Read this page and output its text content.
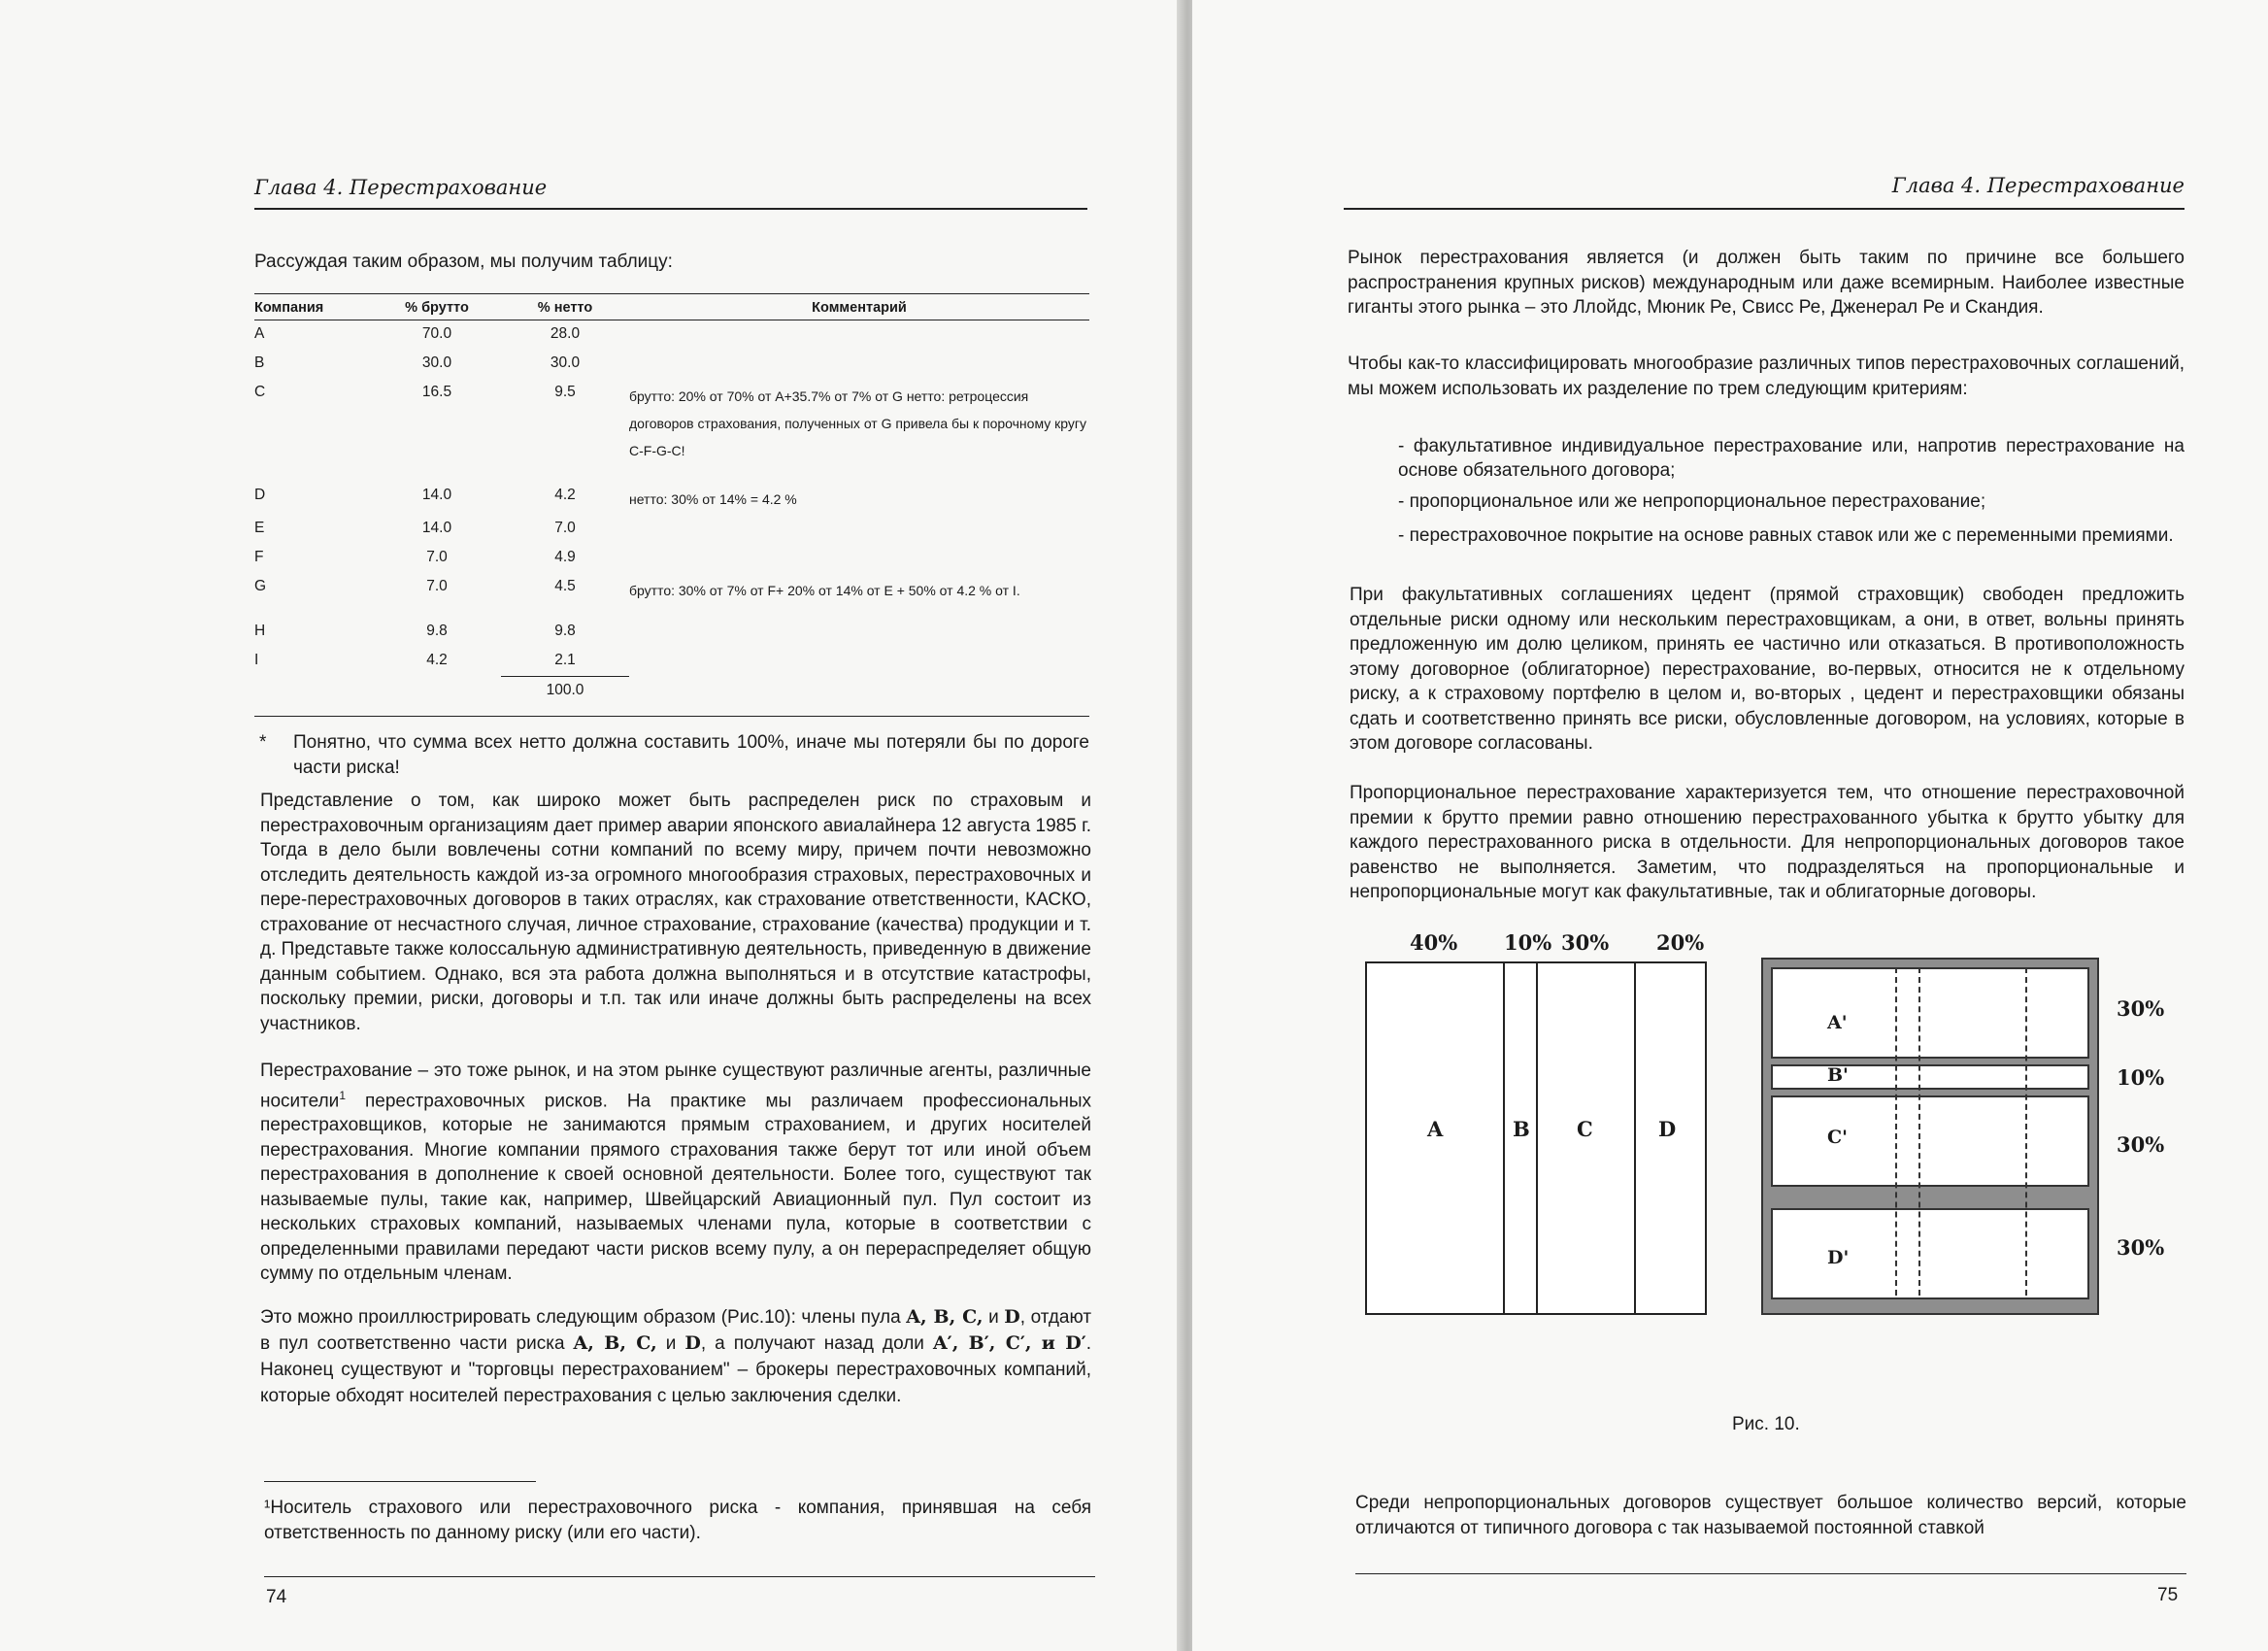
Глава 4. Перестрахование
Рассуждая таким образом, мы получим таблицу:
Компания	% брутто	% нетто	Комментарий
A	70.0	28.0	
B	30.0	30.0	
C	16.5	9.5	брутто: 20% от 70% от A+35.7% от 7% от G нетто: ретроцессия договоров страхования, полученных от G привела бы к порочному кругу C-F-G-C!
D	14.0	4.2	нетто: 30% от 14% = 4.2 %
E	14.0	7.0	
F	7.0	4.9	
G	7.0	4.5	брутто: 30% от 7% от F+ 20% от 14% от E + 50% от 4.2 % от I.
H	9.8	9.8	
I	4.2	2.1	
		100.0	
*	Понятно, что сумма всех нетто должна составить 100%, иначе мы потеряли бы по дороге части риска!
Представление о том, как широко может быть распределен риск по страховым и перестраховочным организациям дает пример аварии японского авиалайнера 12 августа 1985 г. Тогда в дело были вовлечены сотни компаний по всему миру, причем почти невозможно отследить деятельность каждой из-за огромного многообразия страховых, перестраховочных и пере-перестраховочных договоров в таких отраслях, как страхование ответственности, КАСКО, страхование от несчастного случая, личное страхование, страхование (качества) продукции и т. д. Представьте также колоссальную административную деятельность, приведенную в движение данным событием. Однако, вся эта работа должна выполняться и в отсутствие катастрофы, поскольку премии, риски, договоры и т.п. так или иначе должны быть распределены на всех участников.
Перестрахование – это тоже рынок, и на этом рынке существуют различные агенты, различные носители$^1$ перестраховочных рисков. На практике мы различаем профессиональных перестраховщиков, которые не занимаются прямым страхованием, и других носителей перестрахования. Многие компании прямого страхования также берут тот или иной объем перестрахования в дополнение к своей основной деятельности. Более того, существуют так называемые пулы, такие как, например, Швейцарский Авиационный пул. Пул состоит из нескольких страховых компаний, называемых членами пула, которые в соответствии с определенными правилами передают части рисков всему пулу, а он перераспределяет общую сумму по отдельным членам.
Это можно проиллюстрировать следующим образом (Рис.10): члены пула A, B, C, и D, отдают в пул соответственно части риска A, B, C, и D, а получают назад доли A′, B′, C′, и D′. Наконец существуют и "торговцы перестрахованием" – брокеры перестраховочных компаний, которые обходят носителей перестрахования с целью заключения сделки.
¹Носитель страхового или перестраховочного риска - компания, принявшая на себя ответственность по данному риску (или его части).
74
Глава 4. Перестрахование
Рынок перестрахования является (и должен быть таким по причине все большего распространения крупных рисков) международным или даже всемирным. Наиболее известные гиганты этого рынка – это Ллойдс, Мюник Ре, Свисс Ре, Дженерал Ре и Скандия.
Чтобы как-то классифицировать многообразие различных типов перестраховочных соглашений, мы можем использовать их разделение по трем следующим критериям:
- факультативное индивидуальное перестрахование или, напротив перестрахование на основе обязательного договора;
- пропорциональное или же непропорциональное перестрахование;
- перестраховочное покрытие на основе равных ставок или же с переменными премиями.
При факультативных соглашениях цедент (прямой страховщик) свободен предложить отдельные риски одному или нескольким перестраховщикам, а они, в ответ, вольны принять предложенную им долю целиком, принять ее частично или отказаться. В противоположность этому договорное (облигаторное) перестрахование, во-первых, относится не к отдельному риску, а к страховому портфелю в целом и, во-вторых , цедент и перестраховщики обязаны сдать и соответственно принять все риски, обусловленные договором, на условиях, которые в этом договоре согласованы.
Пропорциональное перестрахование характеризуется тем, что отношение перестраховочной премии к брутто премии равно отношению перестрахованного убытка к брутто убытку для каждого перестрахованного риска в отдельности. Для непропорциональных договоров такое равенство не выполняется. Заметим, что подразделяться на пропорциональные и непропорциональные могут как факультативные, так и облигаторные договоры.
40% 10% 30% 20%
A	B C	D
A'
B'
C'
D'
30%
10%
30%
30%
Рис. 10.
Среди непропорциональных договоров существует большое количество версий, которые отличаются от типичного договора с так называемой постоянной ставкой
75
